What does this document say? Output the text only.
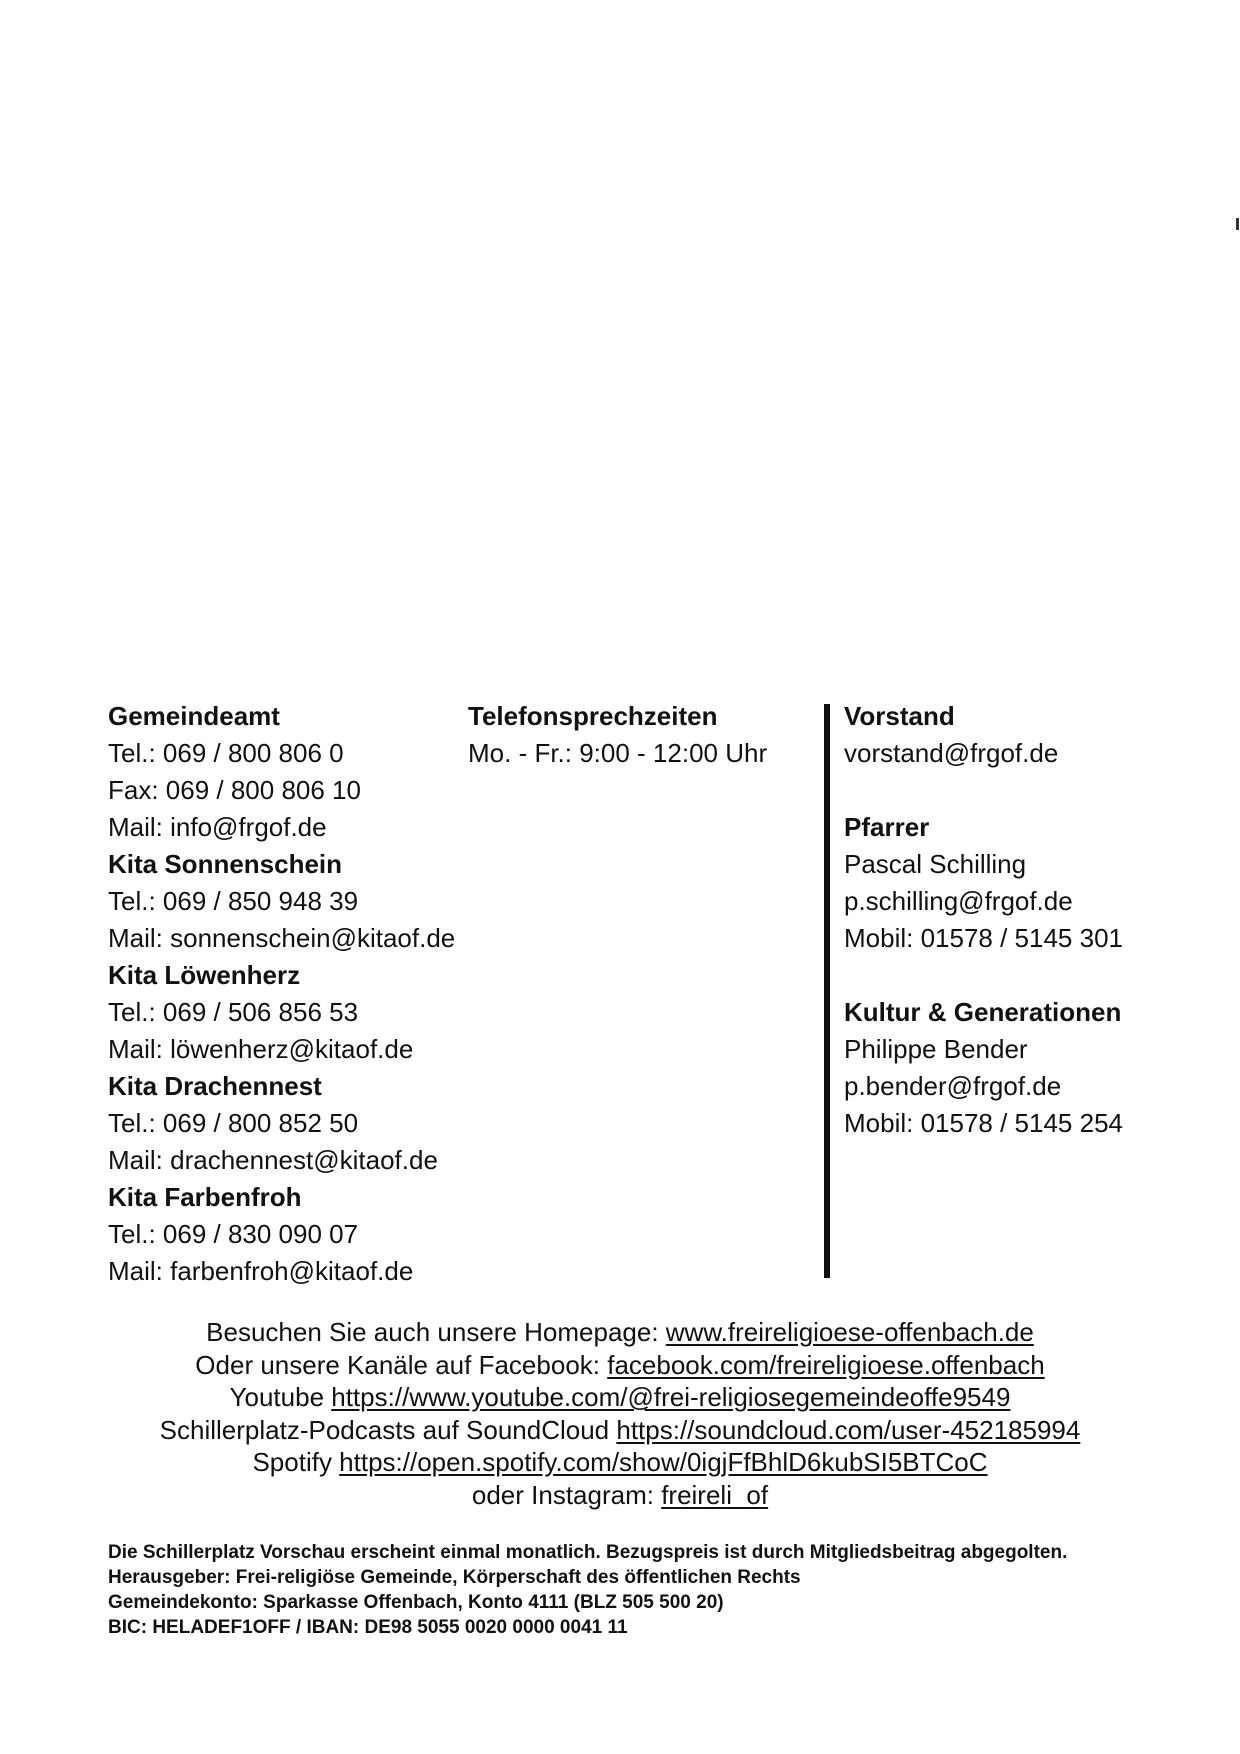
Gemeindeamt
Tel.: 069 / 800 806 0
Fax: 069 / 800 806 10
Mail: info@frgof.de
Kita Sonnenschein
Tel.: 069 / 850 948 39
Mail: sonnenschein@kitaof.de
Kita Löwenherz
Tel.: 069 / 506 856 53
Mail: löwenherz@kitaof.de
Kita Drachennest
Tel.: 069 / 800 852 50
Mail: drachennest@kitaof.de
Kita Farbenfroh
Tel.: 069 / 830 090 07
Mail: farbenfroh@kitaof.de
Telefonsprechzeiten
Mo. - Fr.: 9:00 - 12:00 Uhr
Vorstand
vorstand@frgof.de
Pfarrer
Pascal Schilling
p.schilling@frgof.de
Mobil: 01578 / 5145 301
Kultur & Generationen
Philippe Bender
p.bender@frgof.de
Mobil: 01578 / 5145 254
Besuchen Sie auch unsere Homepage: www.freireligioese-offenbach.de
Oder unsere Kanäle auf Facebook: facebook.com/freireligioese.offenbach
Youtube https://www.youtube.com/@frei-religiosegemeindeoffe9549
Schillerplatz-Podcasts auf SoundCloud https://soundcloud.com/user-452185994
Spotify https://open.spotify.com/show/0igjFfBhlD6kubSI5BTCoC
oder Instagram: freireli_of
Die Schillerplatz Vorschau erscheint einmal monatlich. Bezugspreis ist durch Mitgliedsbeitrag abgegolten.
Herausgeber: Frei-religiöse Gemeinde, Körperschaft des öffentlichen Rechts
Gemeindekonto: Sparkasse Offenbach, Konto 4111 (BLZ 505 500 20)
BIC: HELADEF1OFF / IBAN: DE98 5055 0020 0000 0041 11
